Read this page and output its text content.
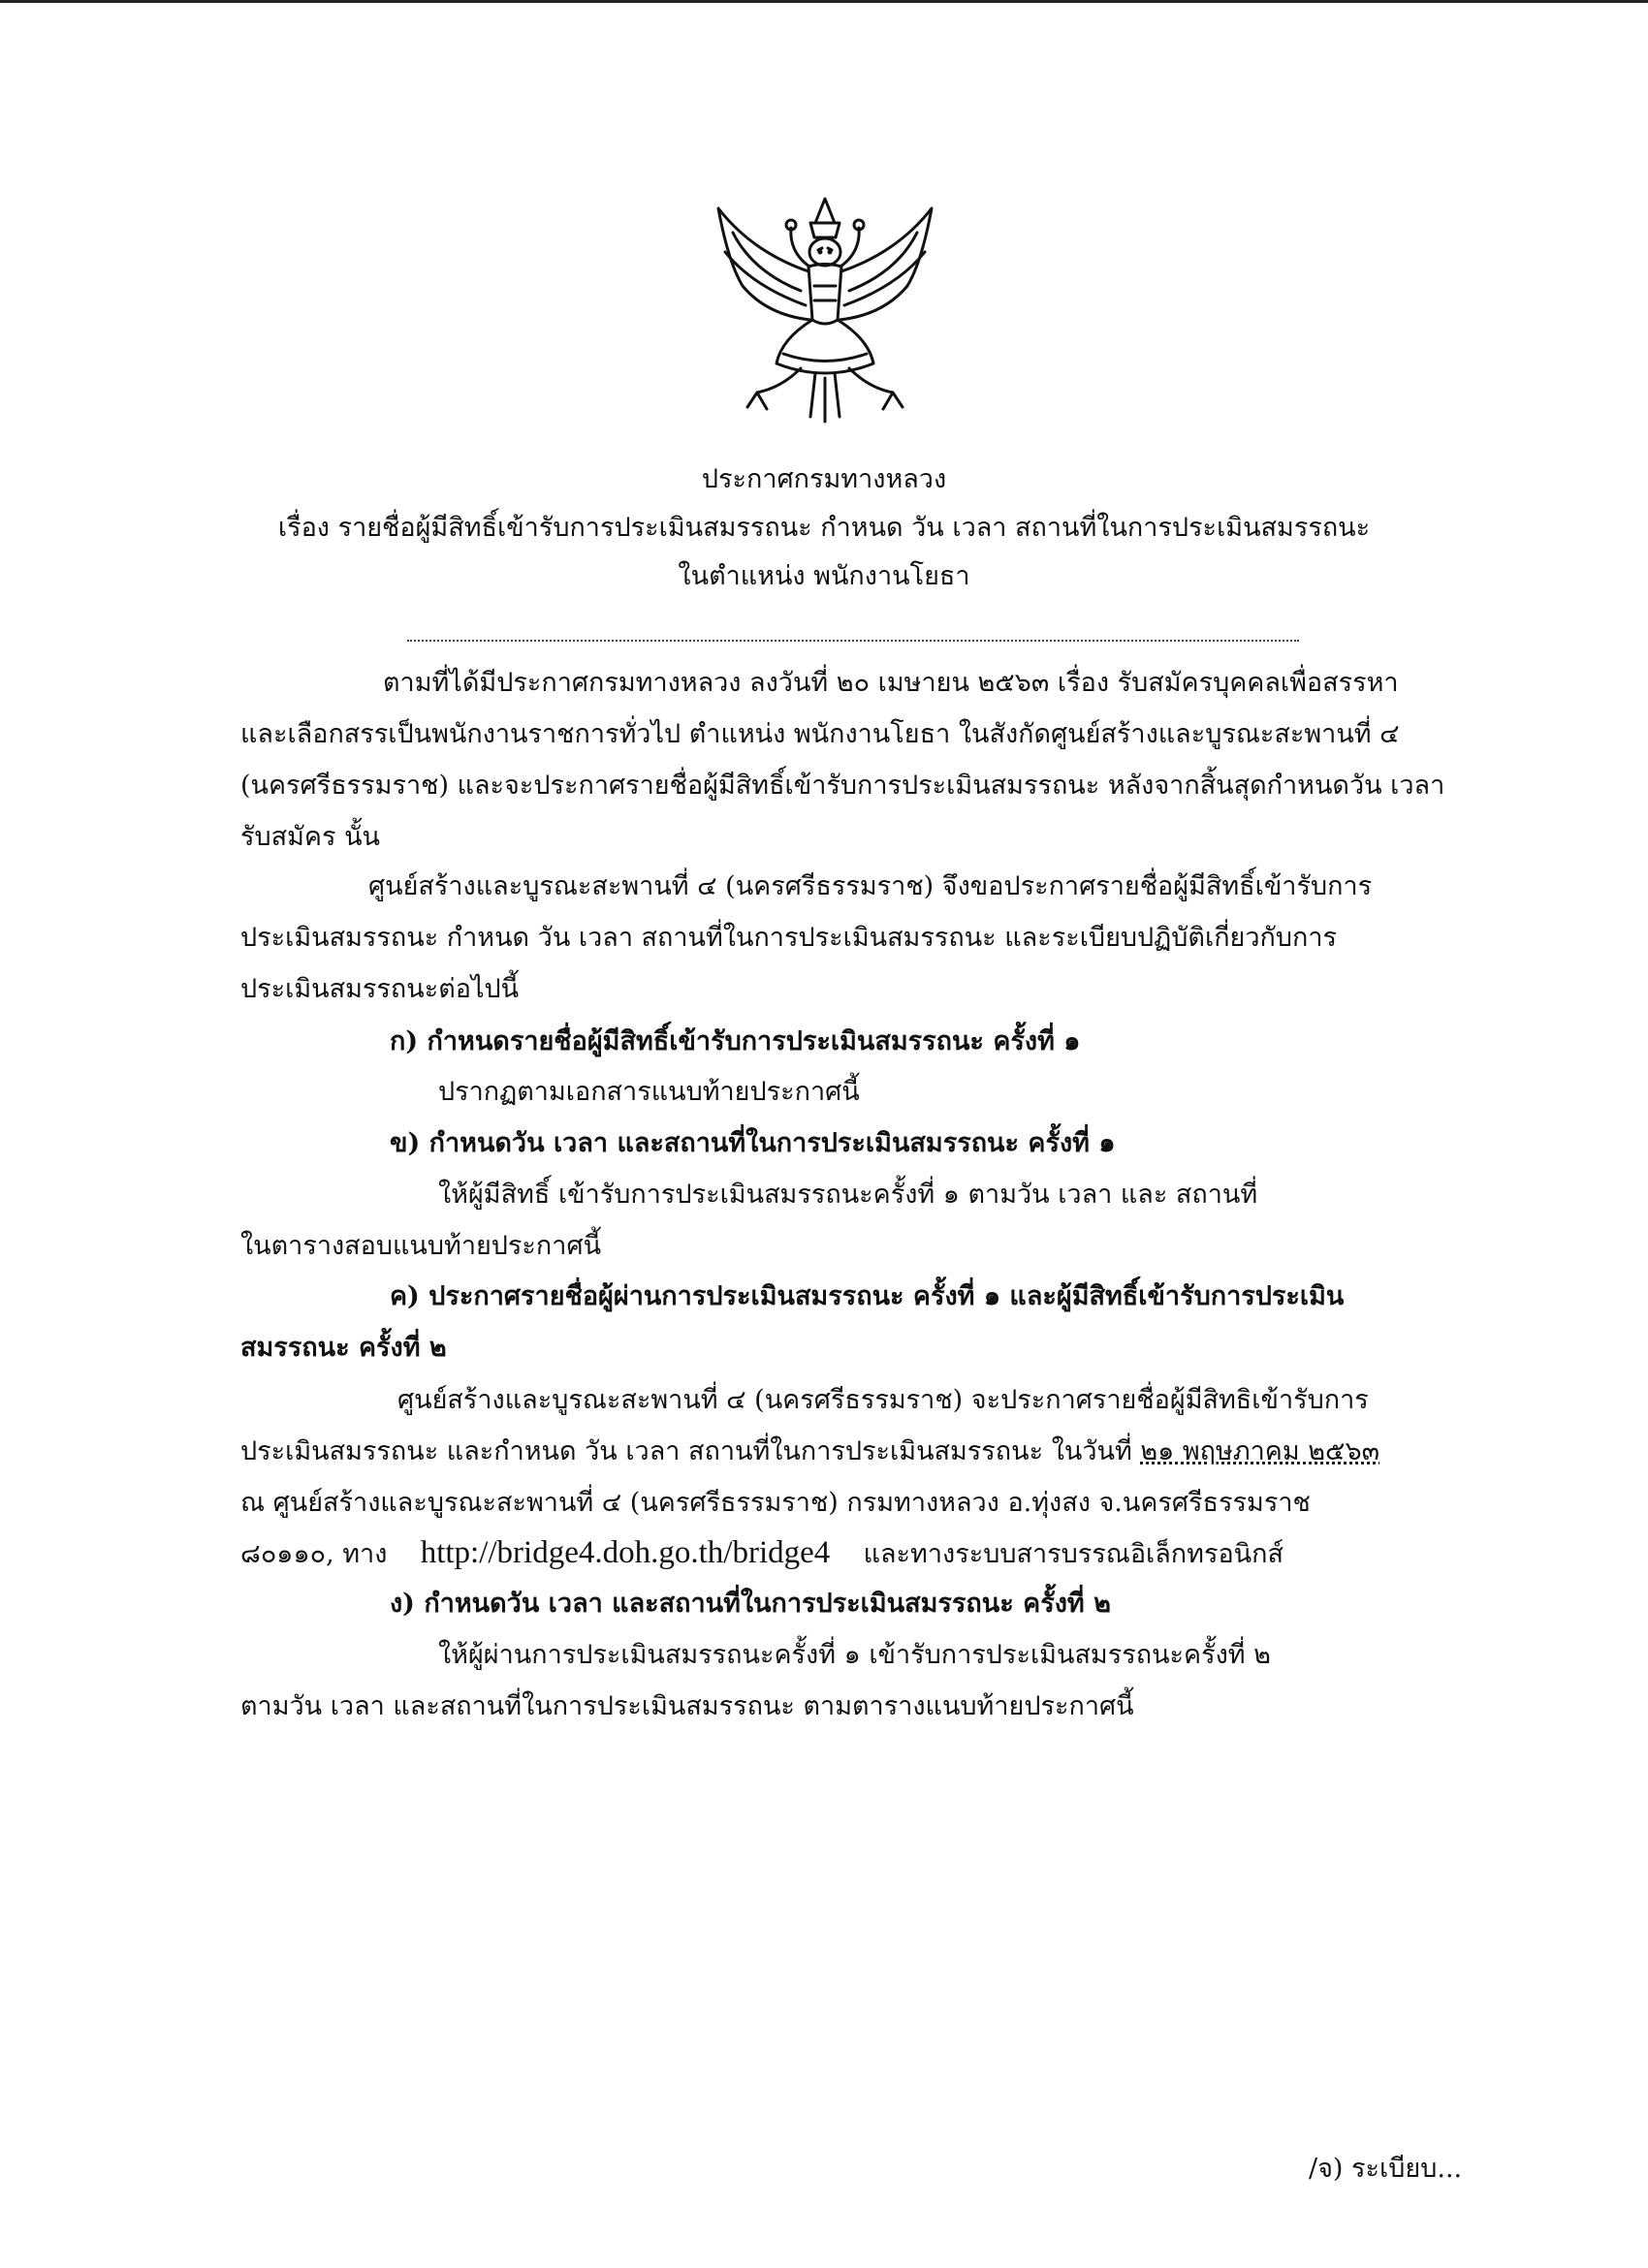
ประกาศกรมทางหลวง
เรื่อง รายชื่อผู้มีสิทธิ์เข้ารับการประเมินสมรรถนะ กำหนด วัน เวลา สถานที่ในการประเมินสมรรถนะ
ในตำแหน่ง พนักงานโยธา
ตามที่ได้มีประกาศกรมทางหลวง ลงวันที่ ๒๐ เมษายน ๒๕๖๓ เรื่อง รับสมัครบุคคลเพื่อสรรหา
และเลือกสรรเป็นพนักงานราชการทั่วไป ตำแหน่ง พนักงานโยธา ในสังกัดศูนย์สร้างและบูรณะสะพานที่ ๔
(นครศรีธรรมราช) และจะประกาศรายชื่อผู้มีสิทธิ์เข้ารับการประเมินสมรรถนะ หลังจากสิ้นสุดกำหนดวัน เวลา
รับสมัคร นั้น
ศูนย์สร้างและบูรณะสะพานที่ ๔ (นครศรีธรรมราช) จึงขอประกาศรายชื่อผู้มีสิทธิ์เข้ารับการ
ประเมินสมรรถนะ กำหนด วัน เวลา สถานที่ในการประเมินสมรรถนะ และระเบียบปฏิบัติเกี่ยวกับการ
ประเมินสมรรถนะต่อไปนี้
ก) กำหนดรายชื่อผู้มีสิทธิ์เข้ารับการประเมินสมรรถนะ ครั้งที่ ๑
ปรากฏตามเอกสารแนบท้ายประกาศนี้
ข) กำหนดวัน เวลา และสถานที่ในการประเมินสมรรถนะ ครั้งที่ ๑
ให้ผู้มีสิทธิ์ เข้ารับการประเมินสมรรถนะครั้งที่ ๑ ตามวัน เวลา และ สถานที่
ในตารางสอบแนบท้ายประกาศนี้
ค) ประกาศรายชื่อผู้ผ่านการประเมินสมรรถนะ ครั้งที่ ๑ และผู้มีสิทธิ์เข้ารับการประเมิน
สมรรถนะ ครั้งที่ ๒
ศูนย์สร้างและบูรณะสะพานที่ ๔ (นครศรีธรรมราช) จะประกาศรายชื่อผู้มีสิทธิเข้ารับการ
ประเมินสมรรถนะ และกำหนด วัน เวลา สถานที่ในการประเมินสมรรถนะ ในวันที่ ๒๑ พฤษภาคม ๒๕๖๓
ณ ศูนย์สร้างและบูรณะสะพานที่ ๔ (นครศรีธรรมราช) กรมทางหลวง อ.ทุ่งสง จ.นครศรีธรรมราช
๘๐๑๑๐, ทาง http://bridge4.doh.go.th/bridge4 และทางระบบสารบรรณอิเล็กทรอนิกส์
ง) กำหนดวัน เวลา และสถานที่ในการประเมินสมรรถนะ ครั้งที่ ๒
ให้ผู้ผ่านการประเมินสมรรถนะครั้งที่ ๑ เข้ารับการประเมินสมรรถนะครั้งที่ ๒
ตามวัน เวลา และสถานที่ในการประเมินสมรรถนะ ตามตารางแนบท้ายประกาศนี้
/จ) ระเบียบ...
